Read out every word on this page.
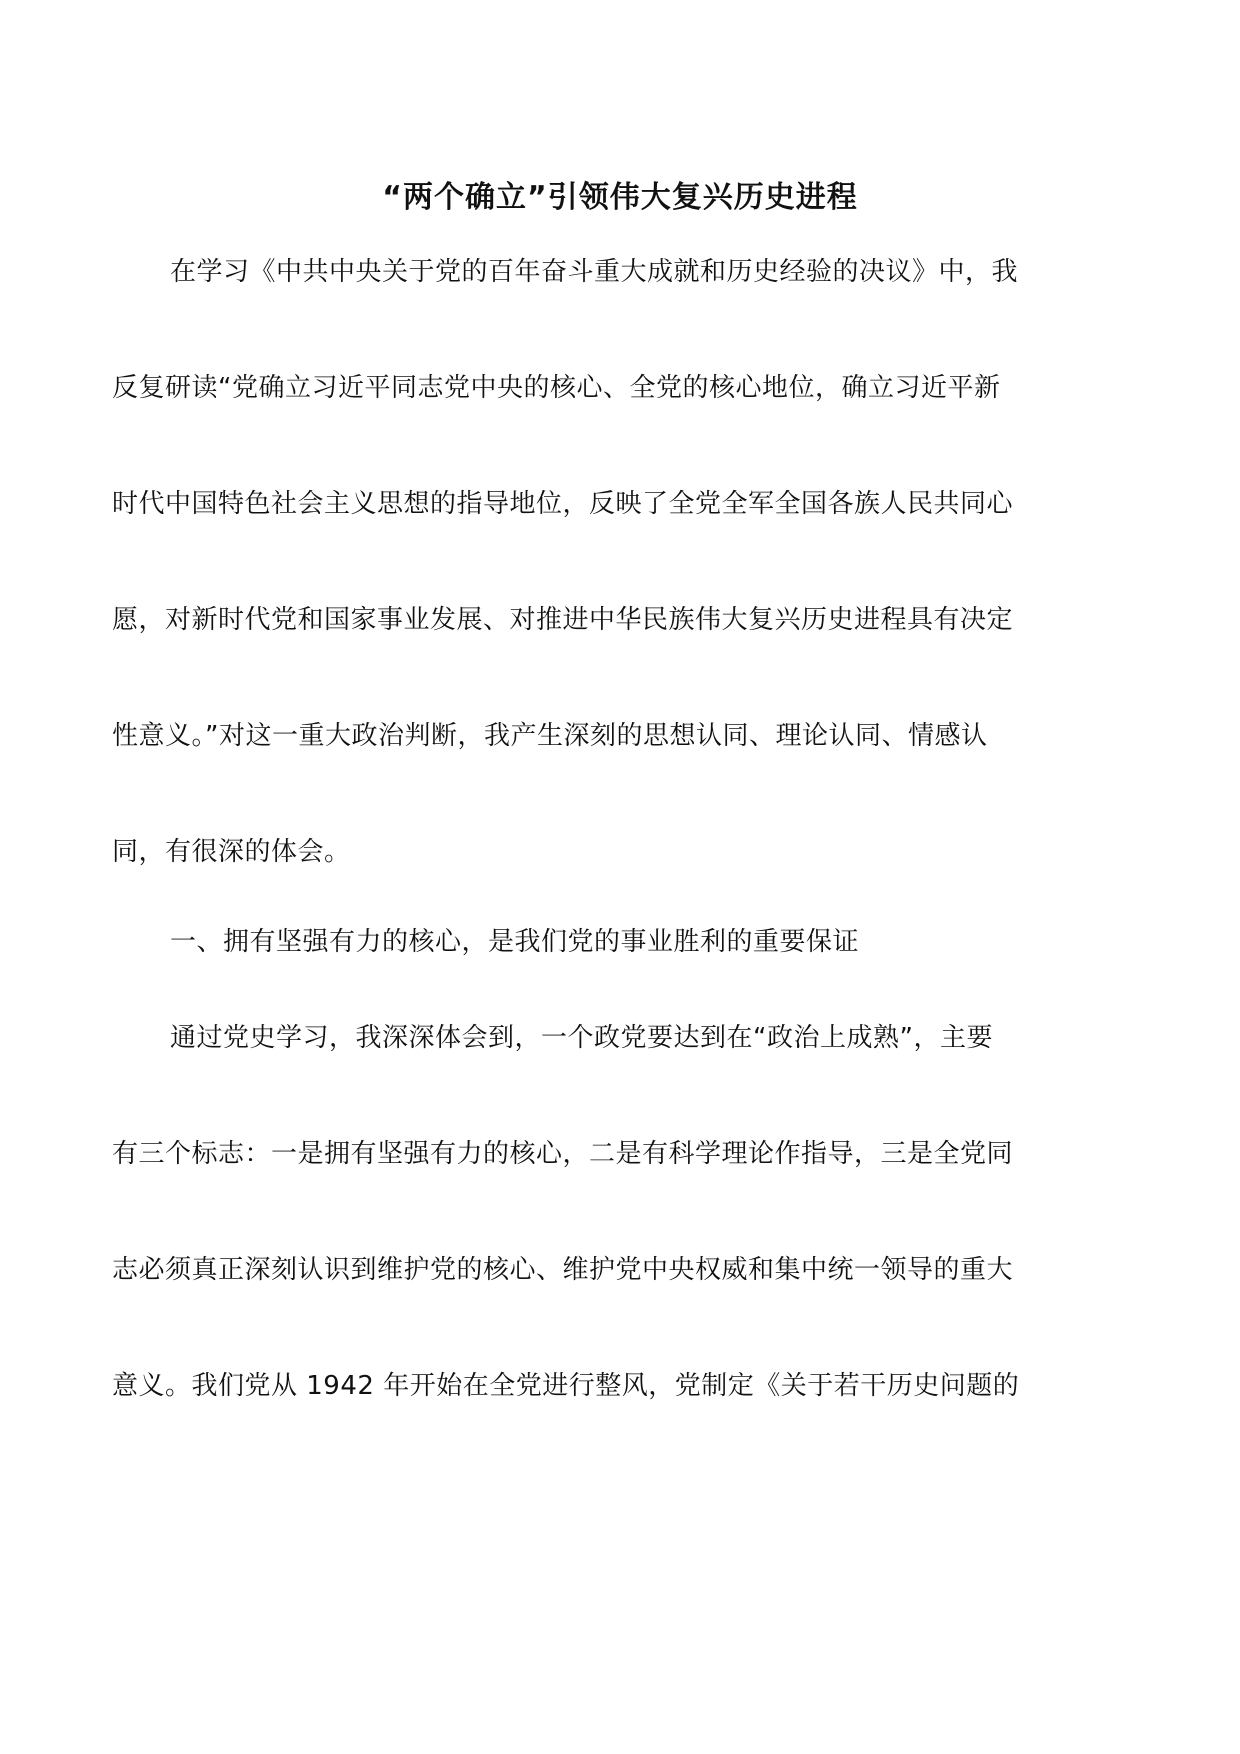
“两个确立”引领伟大复兴历史进程
在学习《中共中央关于党的百年奋斗重大成就和历史经验的决议》中，我
反复研读“党确立习近平同志党中央的核心、全党的核心地位，确立习近平新
时代中国特色社会主义思想的指导地位，反映了全党全军全国各族人民共同心
愿，对新时代党和国家事业发展、对推进中华民族伟大复兴历史进程具有决定
性意义。”对这一重大政治判断，我产生深刻的思想认同、理论认同、情感认
同，有很深的体会。
一、拥有坚强有力的核心，是我们党的事业胜利的重要保证
通过党史学习，我深深体会到，一个政党要达到在“政治上成熟”，主要
有三个标志：一是拥有坚强有力的核心，二是有科学理论作指导，三是全党同
志必须真正深刻认识到维护党的核心、维护党中央权威和集中统一领导的重大
意义。我们党从 1942 年开始在全党进行整风，党制定《关于若干历史问题的
